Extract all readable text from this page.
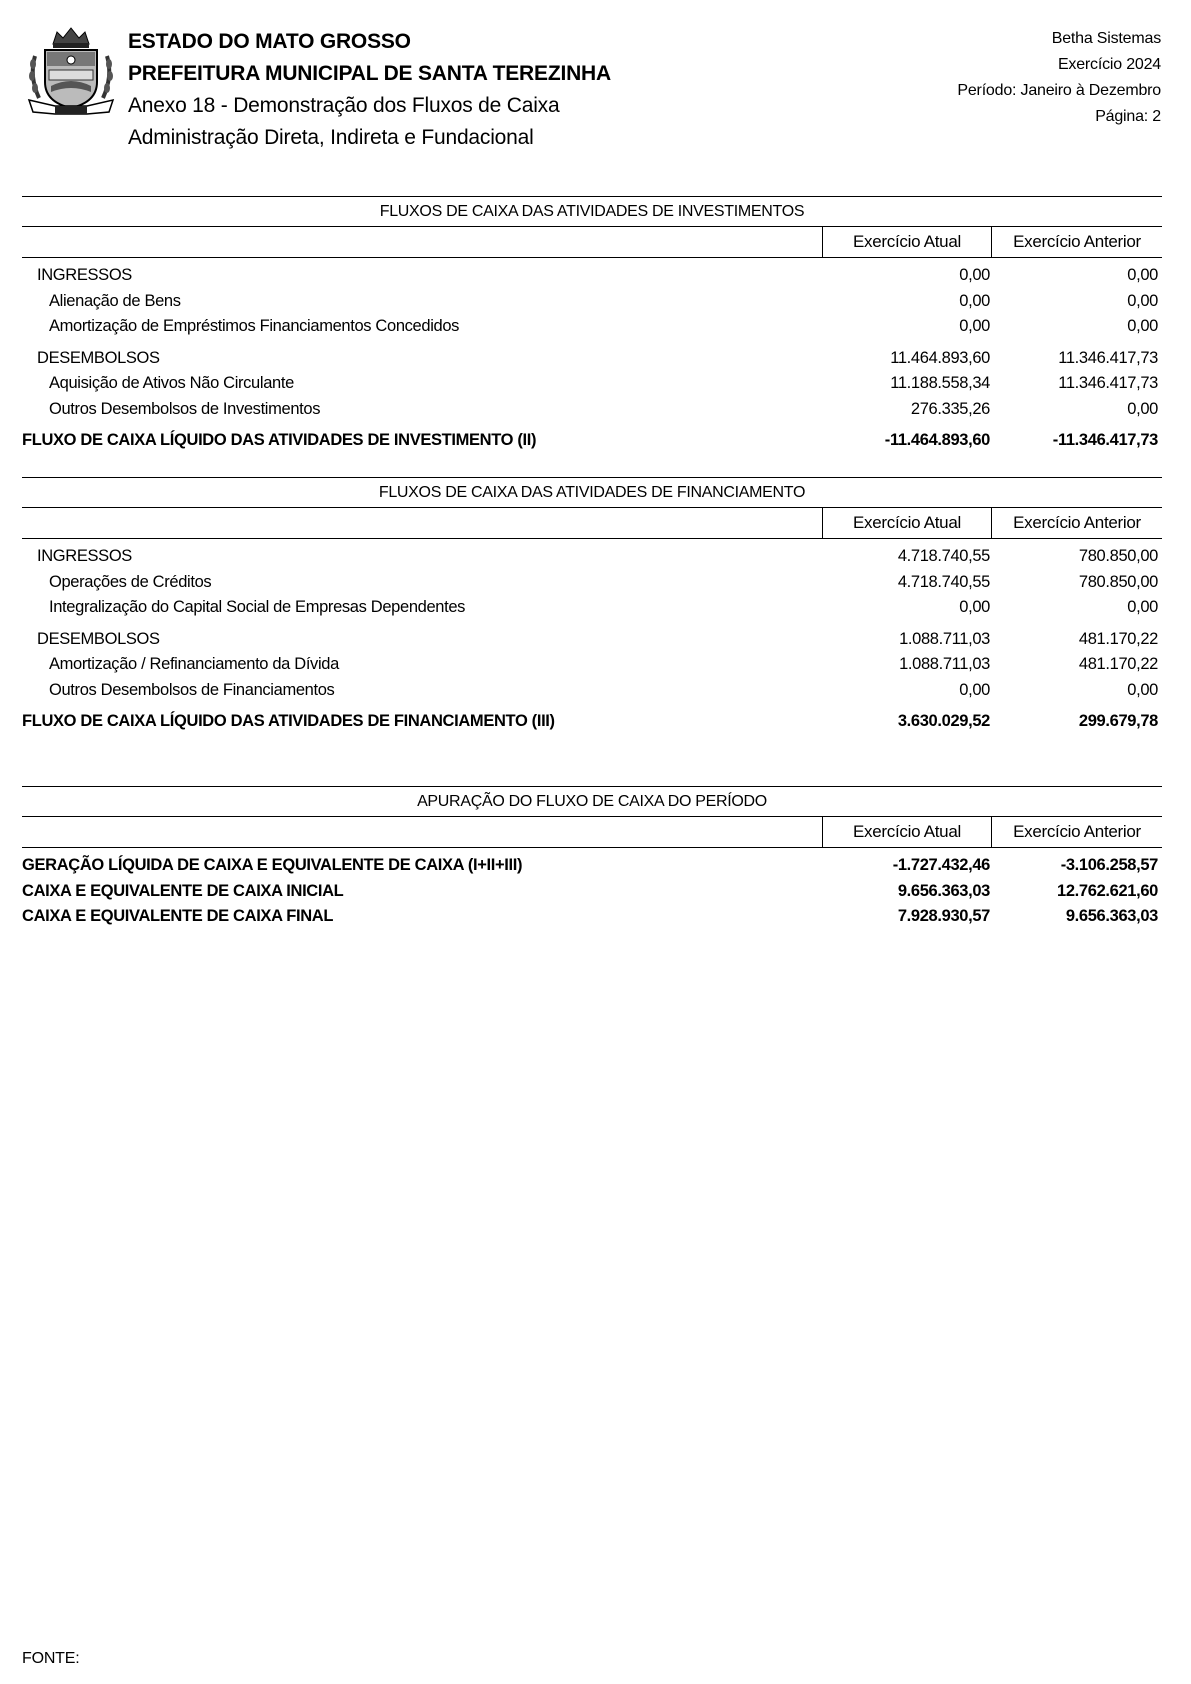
ESTADO DO MATO GROSSO
PREFEITURA MUNICIPAL DE SANTA TEREZINHA
Anexo 18 - Demonstração dos Fluxos de Caixa
Administração Direta, Indireta e Fundacional
Betha Sistemas
Exercício 2024
Período: Janeiro à Dezembro
Página: 2
FLUXOS DE CAIXA DAS ATIVIDADES DE INVESTIMENTOS
Exercício Atual	Exercício Anterior
INGRESSOS	0,00	0,00
Alienação de Bens	0,00	0,00
Amortização de Empréstimos Financiamentos Concedidos	0,00	0,00
DESEMBOLSOS	11.464.893,60	11.346.417,73
Aquisição de Ativos Não Circulante	11.188.558,34	11.346.417,73
Outros Desembolsos de Investimentos	276.335,26	0,00
FLUXO DE CAIXA LÍQUIDO DAS ATIVIDADES DE INVESTIMENTO (II)	-11.464.893,60	-11.346.417,73
FLUXOS DE CAIXA DAS ATIVIDADES DE FINANCIAMENTO
Exercício Atual	Exercício Anterior
INGRESSOS	4.718.740,55	780.850,00
Operações de Créditos	4.718.740,55	780.850,00
Integralização do Capital Social de Empresas Dependentes	0,00	0,00
DESEMBOLSOS	1.088.711,03	481.170,22
Amortização / Refinanciamento da Dívida	1.088.711,03	481.170,22
Outros Desembolsos de Financiamentos	0,00	0,00
FLUXO DE CAIXA LÍQUIDO DAS ATIVIDADES DE FINANCIAMENTO (III)	3.630.029,52	299.679,78
APURAÇÃO DO FLUXO DE CAIXA DO PERÍODO
Exercício Atual	Exercício Anterior
GERAÇÃO LÍQUIDA DE CAIXA E EQUIVALENTE DE CAIXA (I+II+III)	-1.727.432,46	-3.106.258,57
CAIXA E EQUIVALENTE DE CAIXA INICIAL	9.656.363,03	12.762.621,60
CAIXA E EQUIVALENTE DE CAIXA FINAL	7.928.930,57	9.656.363,03
FONTE:
